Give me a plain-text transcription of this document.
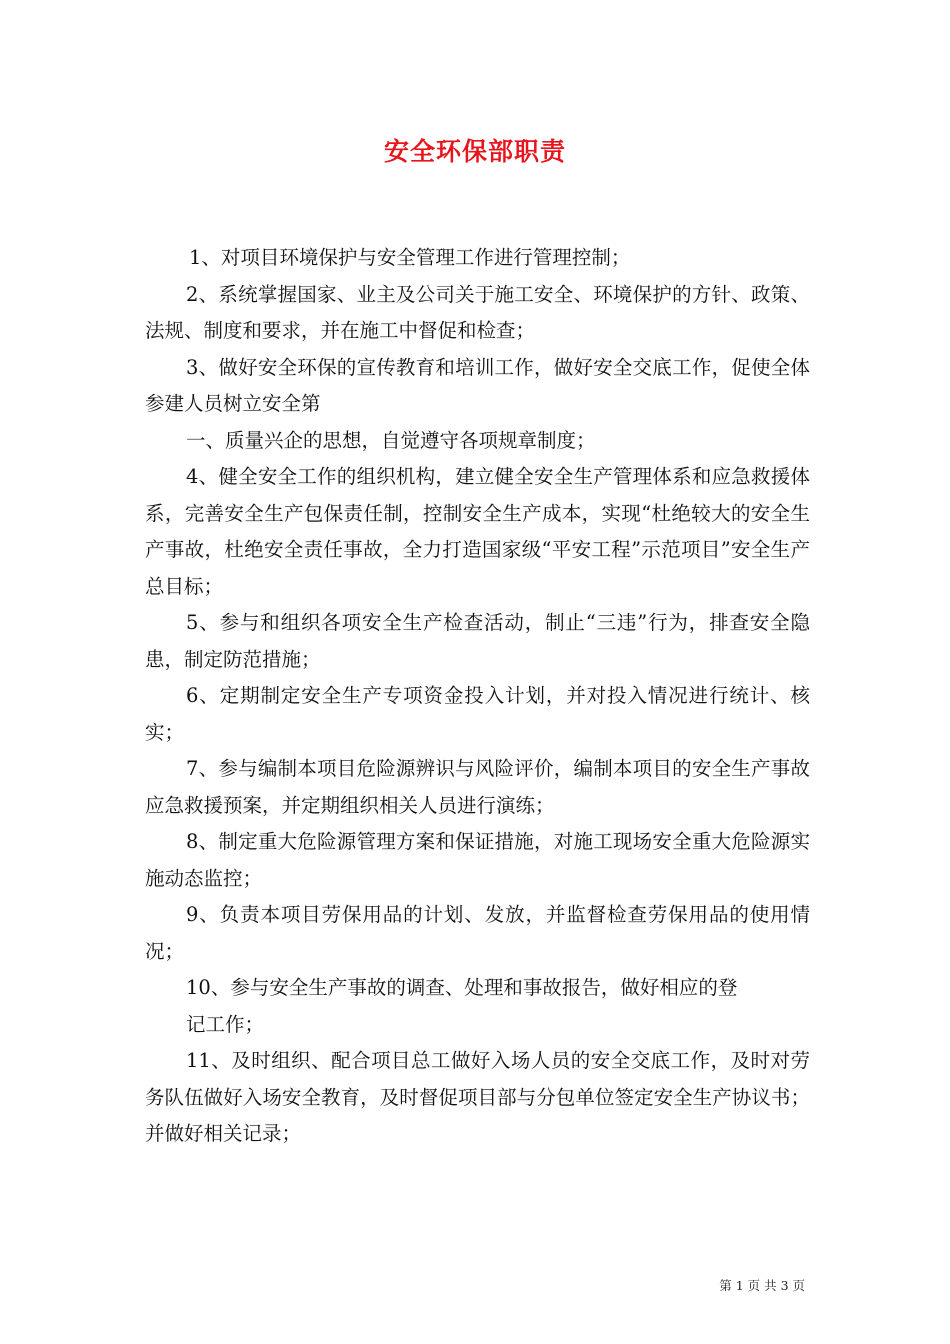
安全环保部职责

1、对项目环境保护与安全管理工作进行管理控制；

2、系统掌握国家、业主及公司关于施工安全、环境保护的方针、政策、法规、制度和要求，并在施工中督促和检查；

3、做好安全环保的宣传教育和培训工作，做好安全交底工作，促使全体参建人员树立安全第

一、质量兴企的思想，自觉遵守各项规章制度；

4、健全安全工作的组织机构，建立健全安全生产管理体系和应急救援体系，完善安全生产包保责任制，控制安全生产成本，实现“杜绝较大的安全生产事故，杜绝安全责任事故，全力打造国家级“平安工程”示范项目”安全生产总目标；

5、参与和组织各项安全生产检查活动，制止“三违”行为，排查安全隐患，制定防范措施；

6、定期制定安全生产专项资金投入计划，并对投入情况进行统计、核实；

7、参与编制本项目危险源辨识与风险评价，编制本项目的安全生产事故应急救援预案，并定期组织相关人员进行演练；

8、制定重大危险源管理方案和保证措施，对施工现场安全重大危险源实施动态监控；

9、负责本项目劳保用品的计划、发放，并监督检查劳保用品的使用情况；

10、参与安全生产事故的调查、处理和事故报告，做好相应的登

记工作；

11、及时组织、配合项目总工做好入场人员的安全交底工作，及时对劳务队伍做好入场安全教育，及时督促项目部与分包单位签定安全生产协议书；并做好相关记录；

第 1 页 共 3 页
